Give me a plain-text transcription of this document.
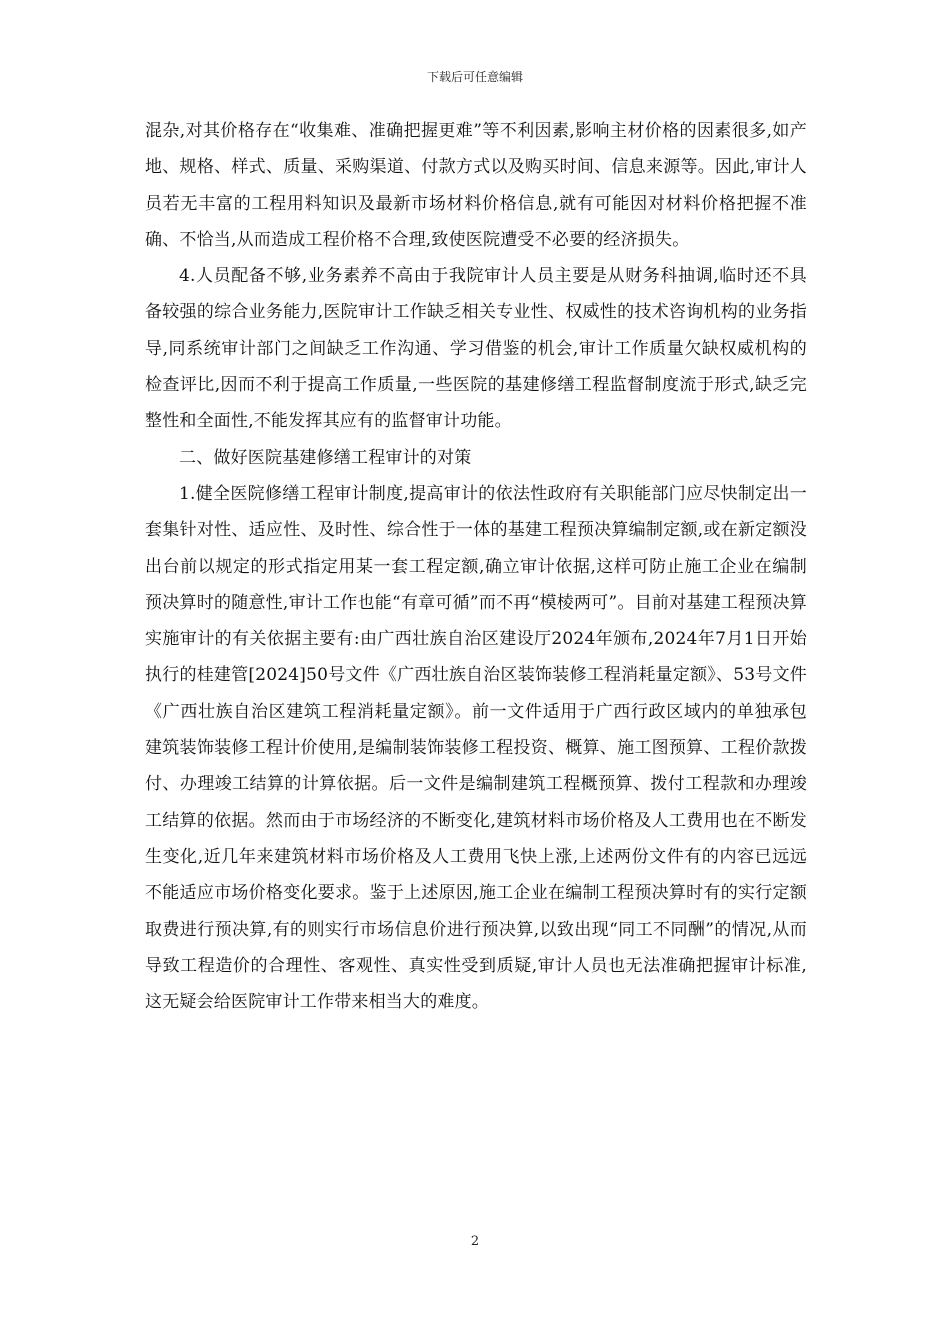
下载后可任意编辑

混杂,对其价格存在“收集难、准确把握更难”等不利因素,影响主材价格的因素很多,如产地、规格、样式、质量、采购渠道、付款方式以及购买时间、信息来源等。因此,审计人员若无丰富的工程用料知识及最新市场材料价格信息,就有可能因对材料价格把握不准确、不恰当,从而造成工程价格不合理,致使医院遭受不必要的经济损失。

4.人员配备不够,业务素养不高由于我院审计人员主要是从财务科抽调,临时还不具备较强的综合业务能力,医院审计工作缺乏相关专业性、权威性的技术咨询机构的业务指导,同系统审计部门之间缺乏工作沟通、学习借鉴的机会,审计工作质量欠缺权威机构的检查评比,因而不利于提高工作质量,一些医院的基建修缮工程监督制度流于形式,缺乏完整性和全面性,不能发挥其应有的监督审计功能。

二、做好医院基建修缮工程审计的对策

1.健全医院修缮工程审计制度,提高审计的依法性政府有关职能部门应尽快制定出一套集针对性、适应性、及时性、综合性于一体的基建工程预决算编制定额,或在新定额没出台前以规定的形式指定用某一套工程定额,确立审计依据,这样可防止施工企业在编制预决算时的随意性,审计工作也能“有章可循”而不再“模棱两可”。目前对基建工程预决算实施审计的有关依据主要有:由广西壮族自治区建设厅2024年颁布,2024年7月1日开始执行的桂建管[2024]50号文件《广西壮族自治区装饰装修工程消耗量定额》、53号文件《广西壮族自治区建筑工程消耗量定额》。前一文件适用于广西行政区域内的单独承包建筑装饰装修工程计价使用,是编制装饰装修工程投资、概算、施工图预算、工程价款拨付、办理竣工结算的计算依据。后一文件是编制建筑工程概预算、拨付工程款和办理竣工结算的依据。然而由于市场经济的不断变化,建筑材料市场价格及人工费用也在不断发生变化,近几年来建筑材料市场价格及人工费用飞快上涨,上述两份文件有的内容已远远不能适应市场价格变化要求。鉴于上述原因,施工企业在编制工程预决算时有的实行定额取费进行预决算,有的则实行市场信息价进行预决算,以致出现“同工不同酬”的情况,从而导致工程造价的合理性、客观性、真实性受到质疑,审计人员也无法准确把握审计标准,这无疑会给医院审计工作带来相当大的难度。

2
